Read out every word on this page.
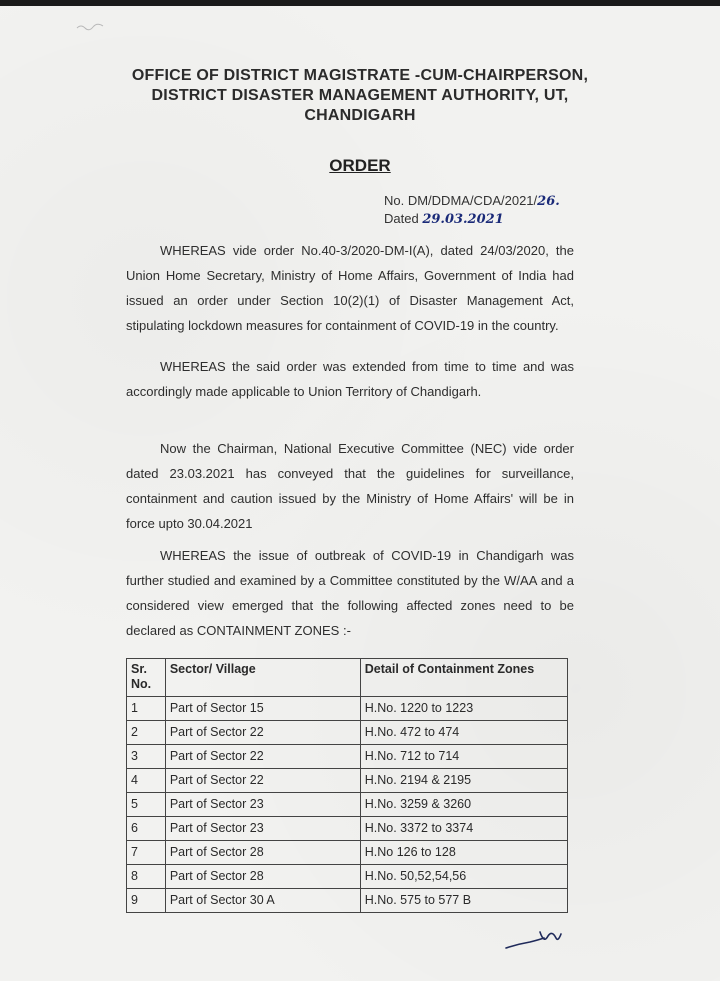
OFFICE OF DISTRICT MAGISTRATE -CUM-CHAIRPERSON,
DISTRICT DISASTER MANAGEMENT AUTHORITY, UT,
CHANDIGARH
ORDER
No. DM/DDMA/CDA/2021/26.
Dated 29.03.2021
WHEREAS vide order No.40-3/2020-DM-I(A), dated 24/03/2020, the Union Home Secretary, Ministry of Home Affairs, Government of India had issued an order under Section 10(2)(1) of Disaster Management Act, stipulating lockdown measures for containment of COVID-19 in the country.
WHEREAS the said order was extended from time to time and was accordingly made applicable to Union Territory of Chandigarh.
Now the Chairman, National Executive Committee (NEC) vide order dated 23.03.2021 has conveyed that the guidelines for surveillance, containment and caution issued by the Ministry of Home Affairs' will be in force upto 30.04.2021
WHEREAS the issue of outbreak of COVID-19 in Chandigarh was further studied and examined by a Committee constituted by the W/AA and a considered view emerged that the following affected zones need to be declared as CONTAINMENT ZONES :-
Sr. No.	Sector/ Village	Detail of Containment Zones
1	Part of Sector 15	H.No. 1220 to 1223
2	Part of Sector 22	H.No. 472 to 474
3	Part of Sector 22	H.No. 712 to 714
4	Part of Sector 22	H.No. 2194 & 2195
5	Part of Sector 23	H.No. 3259 & 3260
6	Part of Sector 23	H.No. 3372 to 3374
7	Part of Sector 28	H.No 126 to 128
8	Part of Sector 28	H.No. 50,52,54,56
9	Part of Sector 30 A	H.No. 575 to 577 B
